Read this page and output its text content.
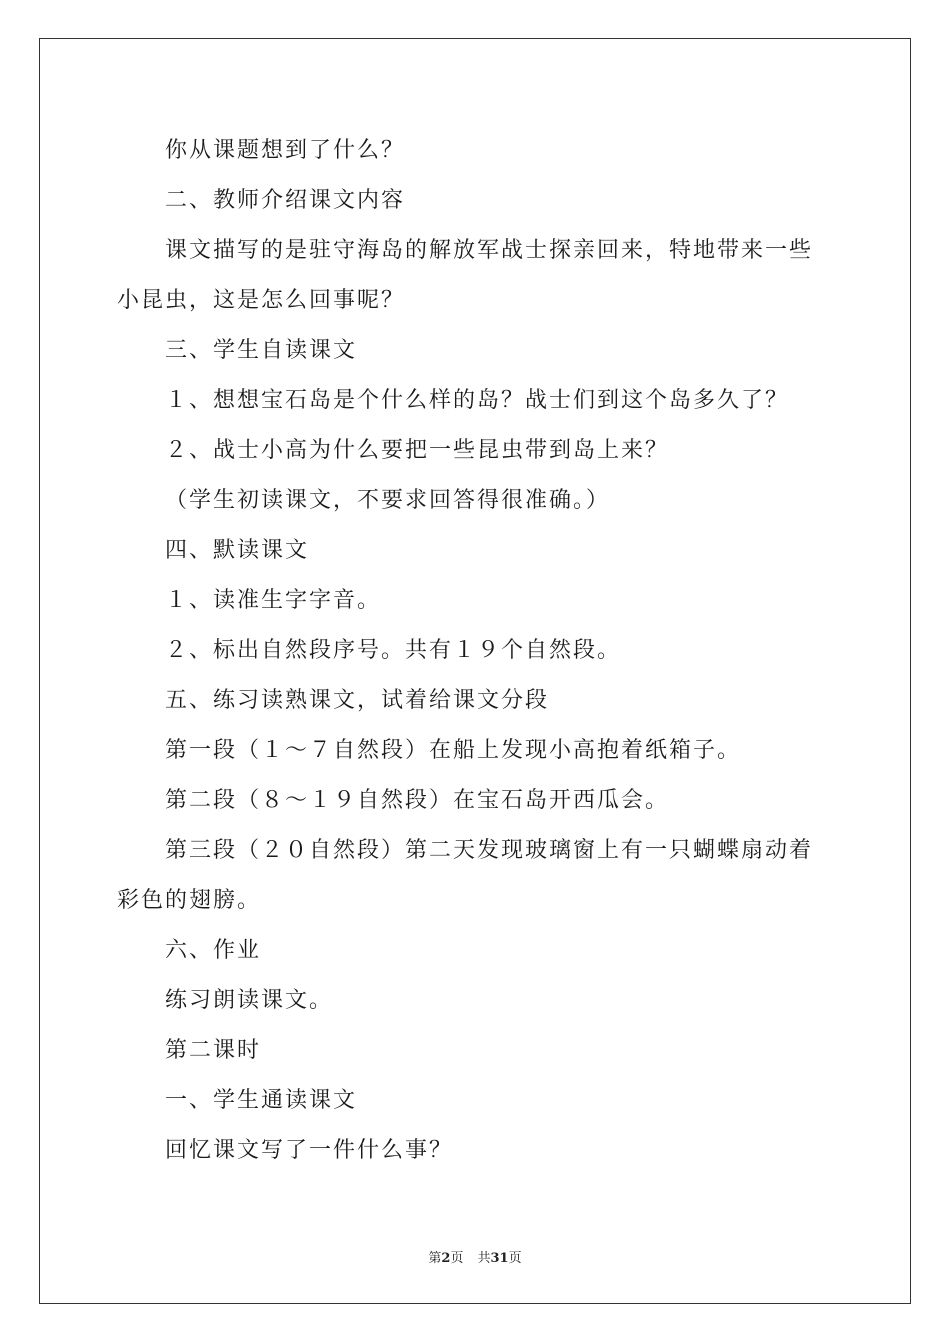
你从课题想到了什么？

二、教师介绍课文内容

课文描写的是驻守海岛的解放军战士探亲回来，特地带来一些小昆虫，这是怎么回事呢？

三、学生自读课文

１、想想宝石岛是个什么样的岛？战士们到这个岛多久了？

２、战士小高为什么要把一些昆虫带到岛上来？

（学生初读课文，不要求回答得很准确。）

四、默读课文

１、读准生字字音。

２、标出自然段序号。共有１９个自然段。

五、练习读熟课文，试着给课文分段

第一段（１～７自然段）在船上发现小高抱着纸箱子。

第二段（８～１９自然段）在宝石岛开西瓜会。

第三段（２０自然段）第二天发现玻璃窗上有一只蝴蝶扇动着彩色的翅膀。

六、作业

练习朗读课文。

第二课时

一、学生通读课文

回忆课文写了一件什么事？

第2页 共31页
